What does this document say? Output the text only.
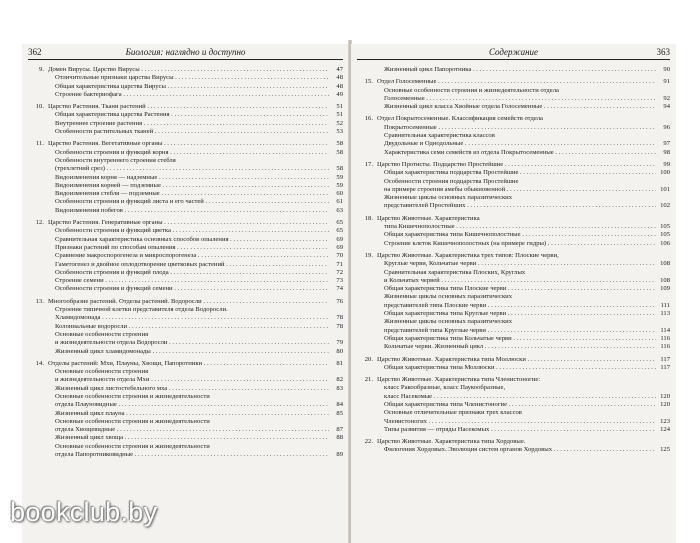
362	Биология: наглядно и доступно
9. Домен Вирусы. Царство Вирусы . . .	47
Отличительные признаки царства Вирусы . . .	48
Общая характеристика царства Вирусы . . .	48
Строение бактериофага . . .	49
10. Царство Растения. Ткани растений . . .	51
Общая характеристика царства Растения . . .	51
Внутреннее строение растения . . .	52
Особенности растительных тканей . . .	53
11. Царство Растения. Вегетативные органы . . .	58
Особенности строения и функций корня . . .	58
Особенности внутреннего строения стебля
(трехлетний срез) . . .	58
Видоизменения корня — надземные . . .	59
Видоизменения корней — подземные . . .	59
Видоизменения стебля — подземные . . .	60
Особенности строения и функций листа и его частей . . .	61
Видоизменения побегов . . .	63
12. Царство Растения. Генеративные органы . . .	65
Особенности строения и функций цветка . . .	65
Сравнительная характеристика основных способов опыления . . .	69
Признаки растений по способам опыления . . .	69
Сравнение макроспорогенеза и микроспорогенеза . . .	70
Гаметогенез и двойное оплодотворение цветковых растений . . .	71
Особенности строения и функций плода . . .	72
Строение семени . . .	73
Особенности строения и функций семени . . .	74
13. Многообразие растений. Отделы растений. Водоросли . . .	76
Строение типичной клетки представителя отдела Водоросли.
Хламидомонада . . .	78
Колониальные водоросли . . .	78
Основные особенности строения
и жизнедеятельности отдела Водоросли . . .	79
Жизненный цикл хламидомонады . . .	80
14. Отделы растений: Мхи, Плауны, Хвощи, Папоротники . . .	81
Основные особенности строения
и жизнедеятельности отдела Мхи . . .	82
Жизненный цикл листостебельного мха . . .	83
Основные особенности строения и жизнедеятельности
отдела Плауновидные . . .	84
Жизненный цикл плауна . . .	85
Основные особенности строения и жизнедеятельности
отдела Хвощевидные . . .	87
Жизненный цикл хвоща . . .	88
Основные особенности строения и жизнедеятельности
отдела Папоротниковидные . . .	89
Содержание	363
Жизненный цикл Папоротника . . .	90
15. Отдел Голосеменные . . .	91
Основные особенности строения и жизнедеятельности отдела
Голосеменные . . .	92
Жизненный цикл класса Хвойные отдела Голосеменные . . .	94
16. Отдел Покрытосеменные. Классификация семейств отдела
Покрытосеменные . . .	96
Сравнительная характеристика классов
Двудольные и Однодольные . . .	97
Характеристика семи семейств из отдела Покрытосеменные . . .	98
17. Царство Протисты. Подцарство Простейшие . . .	99
Общая характеристика подцарства Простейшие . . .	100
Особенности строения подцарства Простейшие
на примере строения амебы обыкновенной . . .	101
Жизненные циклы основных паразитических
представителей Простейших . . .	102
18. Царство Животные. Характеристика
типа Кишечнополостные . . .	105
Общая характеристика типа Кишечнополостные . . .	105
Строение клеток Кишечнополостных (на примере гидры) . . .	106
19. Царство Животные. Характеристика трех типов: Плоские черви,
Круглые черви, Кольчатые черви . . .	108
Сравнительная характеристика Плоских, Круглых
и Кольчатых червей . . .	108
Общая характеристика типа Плоские черви . . .	109
Жизненные циклы основных паразитических
представителей типа Плоские черви . . .	111
Общая характеристика типа Круглые черви . . .	113
Жизненные циклы основных паразитических
представителей типа Круглые черви . . .	114
Общая характеристика типа Кольчатые черви . . .	116
Кольчатые черви. Жизненный цикл . . .	116
20. Царство Животные. Характеристика типа Моллюски . . .	117
Общая характеристика типа Моллюски . . .	117
21. Царство Животные. Характеристика типа Членистоногие:
класс Ракообразные, класс Паукообразные,
класс Насекомые . . .	120
Общая характеристика типа Членистоногие . . .	120
Основные отличительные признаки трех классов
Членистоногих . . .	123
Типы развития — отряды Насекомых . . .	124
22. Царство Животные. Характеристика типа Хордовые.
Филогения Хордовых. Эволюция систем органов Хордовых . . .	125
bookclub.by
